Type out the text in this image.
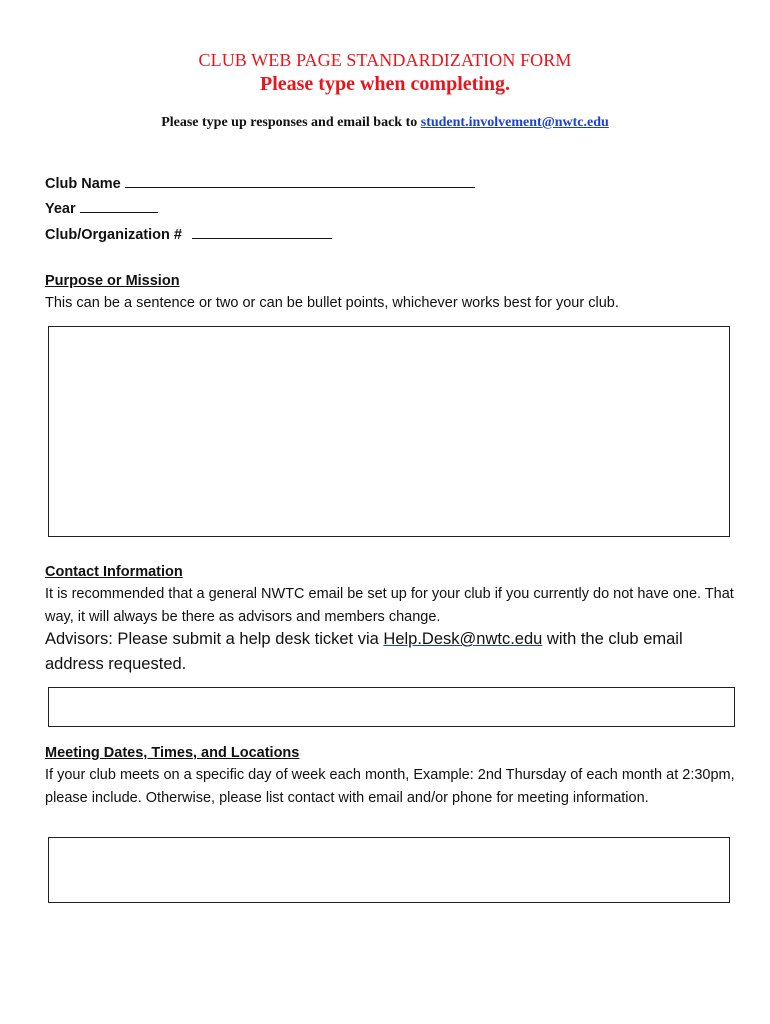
CLUB WEB PAGE STANDARDIZATION FORM
Please type when completing.
Please type up responses and email back to student.involvement@nwtc.edu
Club Name
Year
Club/Organization #
Purpose or Mission
This can be a sentence or two or can be bullet points, whichever works best for your club.
Contact Information
It is recommended that a general NWTC email be set up for your club if you currently do not have one. That way, it will always be there as advisors and members change.
Advisors: Please submit a help desk ticket via Help.Desk@nwtc.edu with the club email address requested.
Meeting Dates, Times, and Locations
If your club meets on a specific day of week each month, Example: 2nd Thursday of each month at 2:30pm, please include. Otherwise, please list contact with email and/or phone for meeting information.
